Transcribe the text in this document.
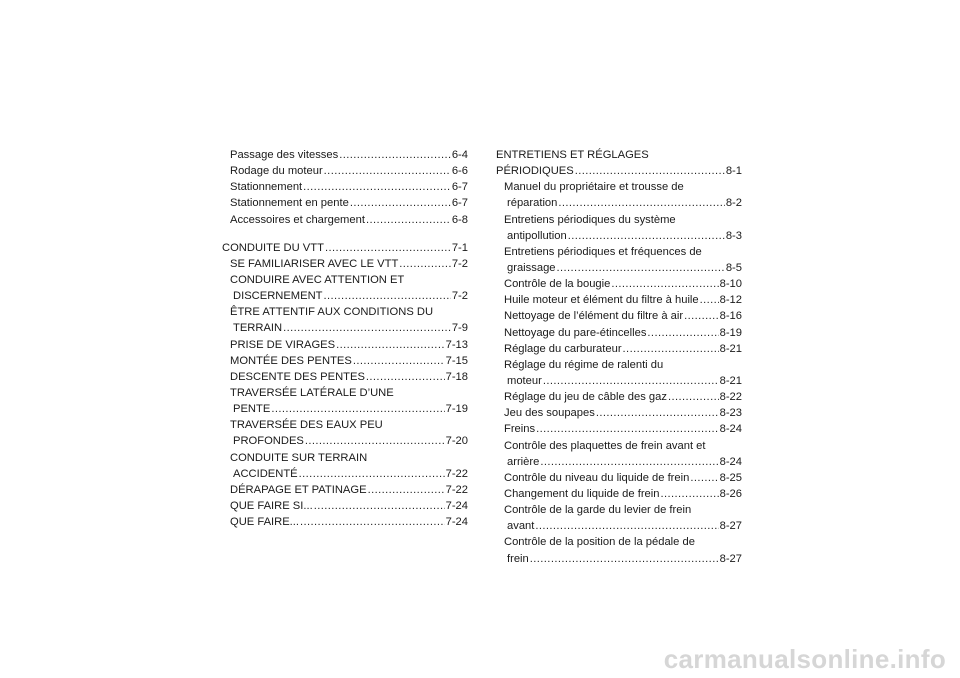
Passage des vitesses .....	6-4
Rodage du moteur .....	6-6
Stationnement .....	6-7
Stationnement en pente .....	6-7
Accessoires et chargement .....	6-8
CONDUITE DU VTT .....	7-1
SE FAMILIARISER AVEC LE VTT .....	7-2
CONDUIRE AVEC ATTENTION ET
DISCERNEMENT .....	7-2
ÊTRE ATTENTIF AUX CONDITIONS DU
TERRAIN .....	7-9
PRISE DE VIRAGES .....	7-13
MONTÉE DES PENTES .....	7-15
DESCENTE DES PENTES .....	7-18
TRAVERSÉE LATÉRALE D’UNE
PENTE .....	7-19
TRAVERSÉE DES EAUX PEU
PROFONDES .....	7-20
CONDUITE SUR TERRAIN
ACCIDENTÉ .....	7-22
DÉRAPAGE ET PATINAGE .....	7-22
QUE FAIRE SI... .....	7-24
QUE FAIRE... .....	7-24
ENTRETIENS ET RÉGLAGES
PÉRIODIQUES .....	8-1
Manuel du propriétaire et trousse de
réparation .....	8-2
Entretiens périodiques du système
antipollution .....	8-3
Entretiens périodiques et fréquences de
graissage .....	8-5
Contrôle de la bougie .....	8-10
Huile moteur et élément du filtre à huile ..... 8-12
Nettoyage de l’élément du filtre à air .....	8-16
Nettoyage du pare-étincelles .....	8-19
Réglage du carburateur .....	8-21
Réglage du régime de ralenti du
moteur .....	8-21
Réglage du jeu de câble des gaz .....	8-22
Jeu des soupapes .....	8-23
Freins .....	8-24
Contrôle des plaquettes de frein avant et
arrière .....	8-24
Contrôle du niveau du liquide de frein .....	8-25
Changement du liquide de frein .....	8-26
Contrôle de la garde du levier de frein
avant .....	8-27
Contrôle de la position de la pédale de
frein .....	8-27
carmanualsonline.info
